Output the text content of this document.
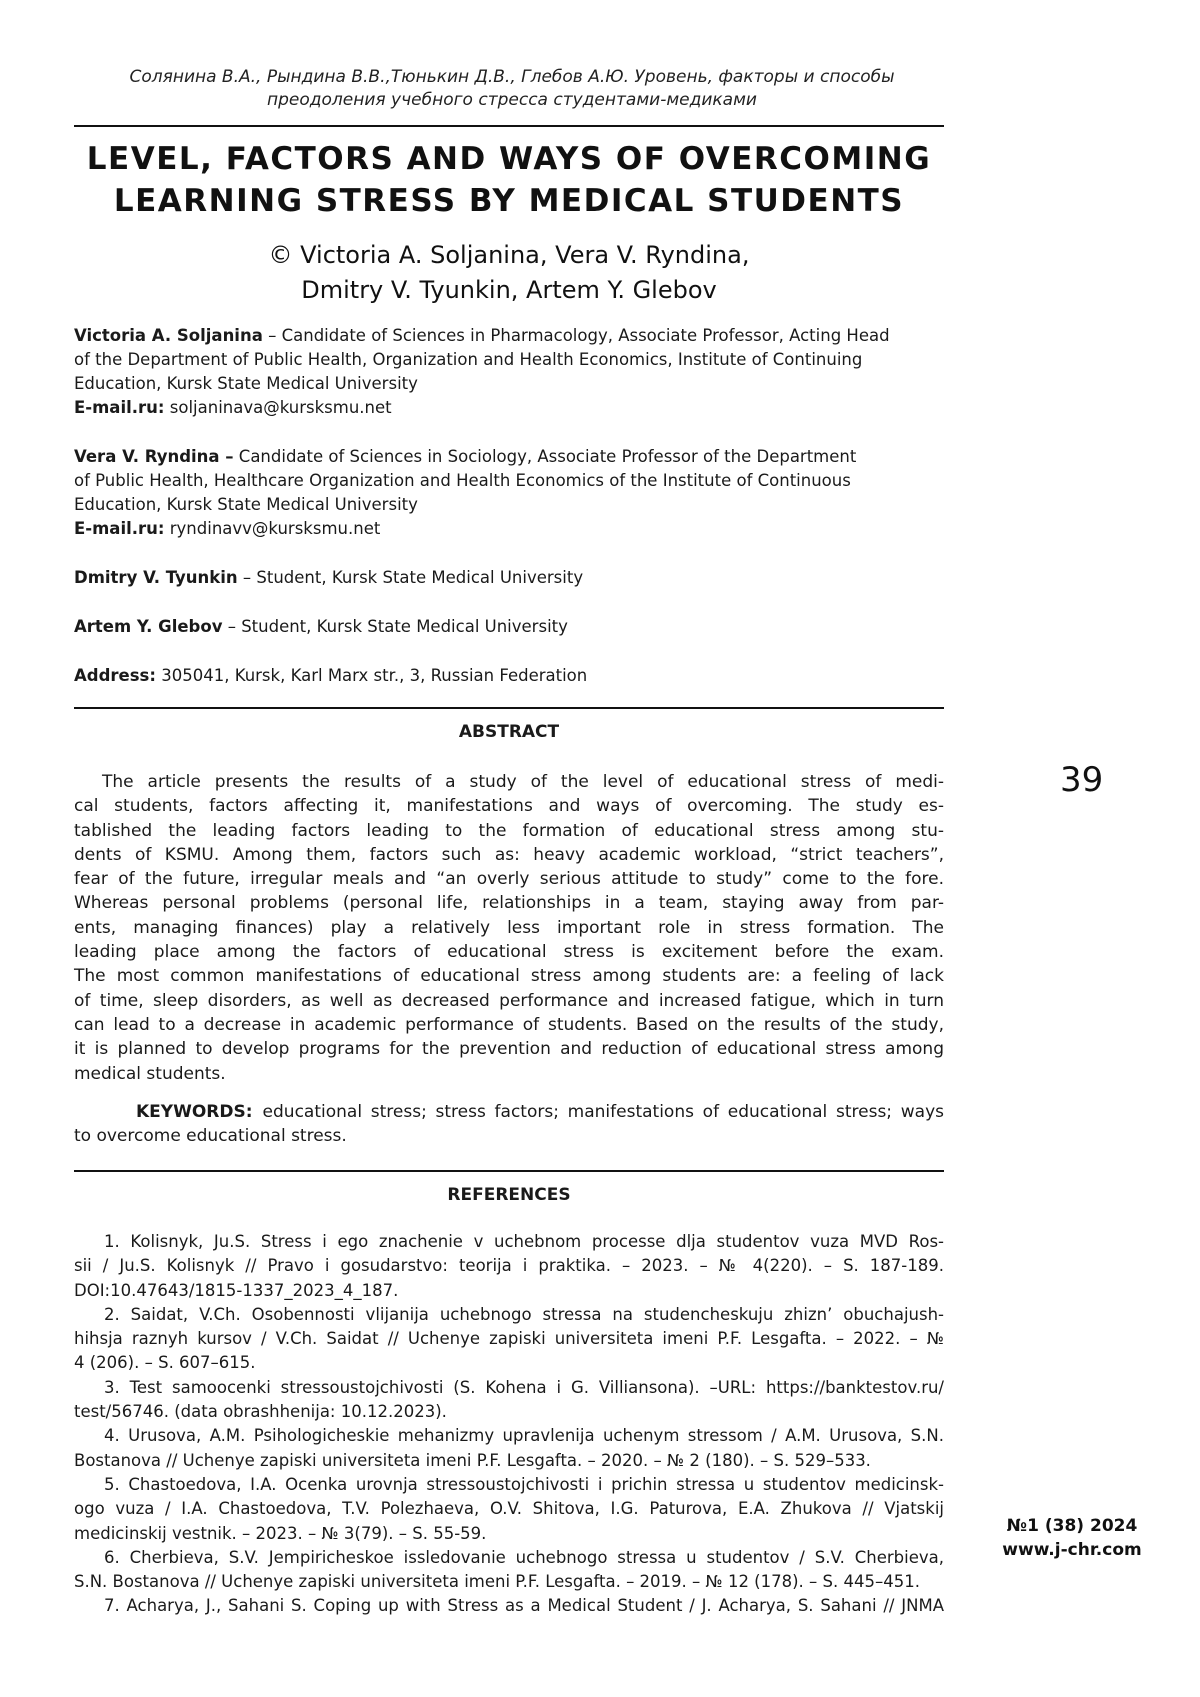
Солянина В.А., Рындина В.В.,Тюнькин Д.В., Глебов А.Ю. Уровень, факторы и способы
преодоления учебного стресса студентами-медиками
LEVEL, FACTORS AND WAYS OF OVERCOMING
LEARNING STRESS BY MEDICAL STUDENTS
© Victoria A. Soljanina, Vera V. Ryndina,
Dmitry V. Tyunkin, Artem Y. Glebov
Victoria A. Soljanina – Candidate of Sciences in Pharmacology, Associate Professor, Acting Head
of the Department of Public Health, Organization and Health Economics, Institute of Continuing
Education, Kursk State Medical University
E-mail.ru: soljaninava@kursksmu.net
Vera V. Ryndina – Candidate of Sciences in Sociology, Associate Professor of the Department
of Public Health, Healthcare Organization and Health Economics of the Institute of Continuous
Education, Kursk State Medical University
E-mail.ru: ryndinavv@kursksmu.net
Dmitry V. Tyunkin – Student, Kursk State Medical University
Artem Y. Glebov – Student, Kursk State Medical University
Address: 305041, Kursk, Karl Marx str., 3, Russian Federation
ABSTRACT
The article presents the results of a study of the level of educational stress of medi-
cal students, factors affecting it, manifestations and ways of overcoming. The study es-
tablished the leading factors leading to the formation of educational stress among stu-
dents of KSMU. Among them, factors such as: heavy academic workload, “strict teachers”,
fear of the future, irregular meals and “an overly serious attitude to study” come to the fore.
Whereas personal problems (personal life, relationships in a team, staying away from par-
ents, managing finances) play a relatively less important role in stress formation. The
leading place among the factors of educational stress is excitement before the exam.
The most common manifestations of educational stress among students are: a feeling of lack
of time, sleep disorders, as well as decreased performance and increased fatigue, which in turn
can lead to a decrease in academic performance of students. Based on the results of the study,
it is planned to develop programs for the prevention and reduction of educational stress among
medical students.
KEYWORDS: educational stress; stress factors; manifestations of educational stress; ways
to overcome educational stress.
REFERENCES
1. Kolisnyk, Ju.S. Stress i ego znachenie v uchebnom processe dlja studentov vuza MVD Ros-
sii / Ju.S. Kolisnyk // Pravo i gosudarstvo: teorija i praktika. – 2023. – № 4(220). – S. 187-189.
DOI:10.47643/1815-1337_2023_4_187.
2. Saidat, V.Ch. Osobennosti vlijanija uchebnogo stressa na studencheskuju zhizn’ obuchajush-
hihsja raznyh kursov / V.Ch. Saidat // Uchenye zapiski universiteta imeni P.F. Lesgafta. – 2022. – №
4 (206). – S. 607–615.
3. Test samoocenki stressoustojchivosti (S. Kohena i G. Villiansona). –URL: https://banktestov.ru/
test/56746. (data obrashhenija: 10.12.2023).
4. Urusova, A.M. Psihologicheskie mehanizmy upravlenija uchenym stressom / A.M. Urusova, S.N.
Bostanova // Uchenye zapiski universiteta imeni P.F. Lesgafta. – 2020. – № 2 (180). – S. 529–533.
5. Chastoedova, I.A. Ocenka urovnja stressoustojchivosti i prichin stressa u studentov medicinsk-
ogo vuza / I.A. Chastoedova, T.V. Polezhaeva, O.V. Shitova, I.G. Paturova, E.A. Zhukova // Vjatskij
medicinskij vestnik. – 2023. – № 3(79). – S. 55-59.
6. Cherbieva, S.V. Jempiricheskoe issledovanie uchebnogo stressa u studentov / S.V. Cherbieva,
S.N. Bostanova // Uchenye zapiski universiteta imeni P.F. Lesgafta. – 2019. – № 12 (178). – S. 445–451.
7. Acharya, J., Sahani S. Coping up with Stress as a Medical Student / J. Acharya, S. Sahani // JNMA
39
№1 (38) 2024
www.j-chr.com
